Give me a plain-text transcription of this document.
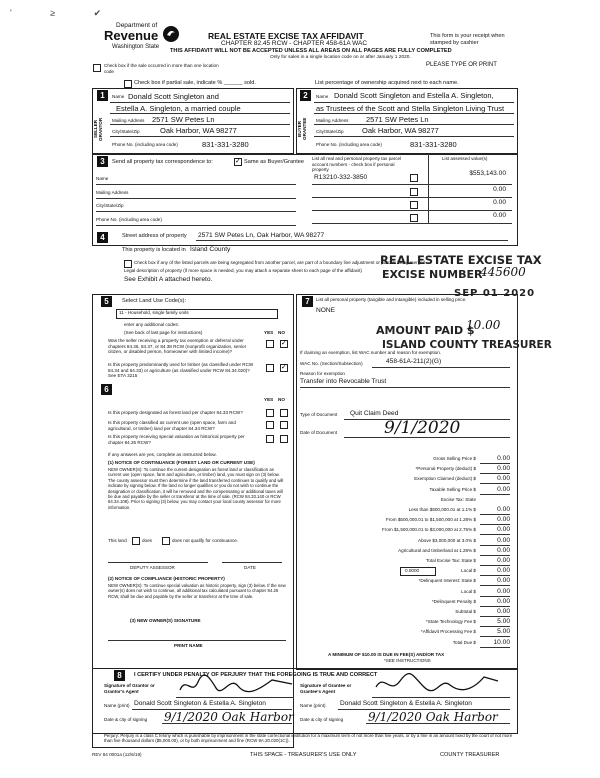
' ≥ ✔
Department of
Revenue
Washington State
REAL ESTATE EXCISE TAX AFFIDAVIT
CHAPTER 82.45 RCW - CHAPTER 458-61A WAC
THIS AFFIDAVIT WILL NOT BE ACCEPTED UNLESS ALL AREAS ON ALL PAGES ARE FULLY COMPLETED
Only for sales in a single location code on or after January 1 2020.
This form is your receipt when stamped by cashier
PLEASE TYPE OR PRINT
Check box if the sale occurred in more than one location code
Check box if partial sale, indicate % ______ sold.	List percentage of ownership acquired next to each name.
1
SELLER GRANTOR
Name Donald Scott Singleton and
Estella A. Singleton, a married couple
Mailing Address 2571 SW Petes Ln
City/State/Zip	Oak Harbor, WA 98277
Phone No. (including area code)	831-331-3280
2
BUYER GRANTEE
Name Donald Scott Singleton and Estella A. Singleton,
as Trustees of the Scott and Stella Singleton Living Trust
Mailing Address 2571 SW Petes Ln
City/State/Zip Oak Harbor, WA 98277
Phone No. (including area code)	831-331-3280
3	Send all property tax correspondence to:
✓	Same as Buyer/Grantee
Name
Mailing Address
City/State/Zip
Phone No. (including area code)
List all real and personal property tax parcel account numbers - check box if personal property
List assessed value(s)
R13210-332-3850
$553,143.00
0.00
0.00
0.00
4	Street address of property 2571 SW Petes Ln, Oak Harbor, WA 98277
This property is located in Island County
Check box if any of the listed parcels are being segregated from another parcel, are part of a boundary line adjustment or parcels being merged.
Legal description of property (if more space is needed, you may attach a separate sheet to each page of the affidavit)
See Exhibit A attached hereto.
REAL ESTATE EXCISE TAX
EXCISE NUMBER
445600
SEP 01 2020
AMOUNT PAID $
10.00
ISLAND COUNTY TREASURER
5	Select Land Use Code(s):
11 - Household, single family units
enter any additional codes:
(See back of last page for instructions)	YES NO
Was the seller receiving a property tax exemption or deferral under chapters 84.36, 84.37, or 84.38 RCW (nonprofit organization, senior citizen, or disabled person, homeowner with limited income)?
✓
Is this property predominantly used for timber (as classified under RCW 84.34 and 84.33) or agriculture (as classified under RCW 84.34.020)? See ETA 3215
✓
6
YES NO
Is this property designated as forest land per chapter 84.33 RCW?
Is this property classified as current use (open space, farm and agricultural, or timber) land per chapter 84.34 RCW?
Is this property receiving special valuation as historical property per chapter 84.26 RCW?
If any answers are yes, complete as instructed below.
(1) NOTICE OF CONTINUANCE (FOREST LAND OR CURRENT USE)
NEW OWNER(S): To continue the current designation as forest land or classification as current use (open space, farm and agriculture, or timber) land, you must sign on (3) below. The county assessor must then determine if the land transferred continues to qualify and will indicate by signing below. If the land no longer qualifies or you do not wish to continue the designation or classification, it will be removed and the compensating or additional taxes will be due and payable by the seller or transferor at the time of sale. (RCW 84.33.140 or RCW 84.34.108). Prior to signing (3) below, you may contact your local county assessor for more information.
This land	does	does not qualify for continuance.
DEPUTY ASSESSOR	DATE
(2) NOTICE OF COMPLIANCE (HISTORIC PROPERTY)
NEW OWNER(S): To continue special valuation as historic property, sign (3) below. If the new owner(s) does not wish to continue, all additional tax calculated pursuant to chapter 84.26 RCW, shall be due and payable by the seller or transferor at the time of sale.
(3) NEW OWNER(S) SIGNATURE
PRINT NAME
7	List all personal property (tangible and intangible) included in selling price.
NONE
If claiming an exemption, list WAC number and reason for exemption.
WAC No. (Section/Subsection)	458-61A-211(2)(G)
Reason for exemption
Transfer into Revocable Trust
Type of Document Quit Claim Deed
Date of Document	9/1/2020
Gross Selling Price $	0.00
*Personal Property (deduct) $	0.00
Exemption Claimed (deduct) $	0.00
Taxable Selling Price $	0.00
Excise Tax: State
Less than $500,000.01 at 1.1% $	0.00
From $500,000.01 to $1,500,000 at 1.28% $	0.00
From $1,500,000.01 to $3,000,000 at 2.75% $	0.00
Above $3,000,000 at 3.0% $	0.00
Agricultural and timberland at 1.28% $	0.00
Total Excise Tax: State $	0.00
Local $	0.00
*Delinquent Interest: State $	0.00
Local $	0.00
*Delinquent Penalty $	0.00
Subtotal $	0.00
*State Technology Fee $	5.00
*Affidavit Processing Fee $	5.00
Total Due $	10.00
0.0000
A MINIMUM OF $10.00 IS DUE IN FEE(S) AND/OR TAX
*SEE INSTRUCTIONS
8	I CERTIFY UNDER PENALTY OF PERJURY THAT THE FOREGOING IS TRUE AND CORRECT
Signature of Grantor or Grantor's Agent
Signature of Grantee or Grantee's Agent
Name (print) Donald Scott Singleton & Estella A. Singleton	Name (print) Donald Scott Singleton & Estella A. Singleton
Date & city of signing 9/1/2020 Oak Harbor Date & city of signing 9/1/2020 Oak Harbor
Perjury: Perjury is a class C felony which is punishable by imprisonment in the state correctional institution for a maximum term of not more than five years, or by a fine in an amount fixed by the court of not more than five thousand dollars ($5,000.00), or by both imprisonment and fine (RCW 9A.20.020(1C)).
REV 84 0001a (12/6/19)	THIS SPACE - TREASURER'S USE ONLY	COUNTY TREASURER
